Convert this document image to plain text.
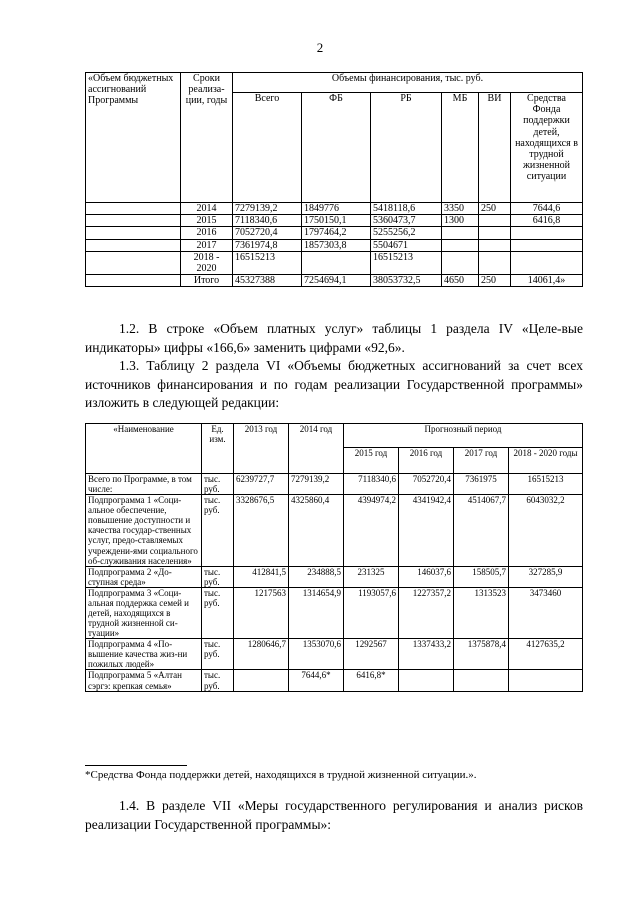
2
«Объем бюджетных ассигнований Программы	Сроки реализа-ции, годы	Объемы финансирования, тыс. руб.					
		Всего	ФБ	РБ	МБ	ВИ	Средства Фонда поддержки детей, находящихся в трудной жизненной ситуации
	2014	7279139,2	1849776	5418118,6	3350	250	7644,6
	2015	7118340,6	1750150,1	5360473,7	1300		6416,8
	2016	7052720,4	1797464,2	5255256,2			
	2017	7361974,8	1857303,8	5504671			
	2018 - 2020	16515213		16515213			
	Итого	45327388	7254694,1	38053732,5	4650	250	14061,4»

1.2. В строке «Объем платных услуг» таблицы 1 раздела IV «Целе-вые индикаторы» цифры «166,6» заменить цифрами «92,6».

1.3. Таблицу 2 раздела VI «Объемы бюджетных ассигнований за счет всех источников финансирования и по годам реализации Государственной программы» изложить в следующей редакции:

«Наименование	Ед. изм.	2013 год	2014 год	Прогнозный период			
				2015 год	2016 год	2017 год	2018 - 2020 годы
Всего по Программе, в том числе:	тыс. руб.	6239727,7	7279139,2	7118340,6	7052720,4	7361975	16515213
Подпрограмма 1 «Соци-альное обеспечение, повышение доступности и качества государ-ственных услуг, предо-ставляемых учреждени-ями социального об-служивания населения»	тыс. руб.	3328676,5	4325860,4	4394974,2	4341942,4	4514067,7	6043032,2
Подпрограмма 2 «До-ступная среда»	тыс. руб.	412841,5	234888,5	231325	146037,6	158505,7	327285,9
Подпрограмма 3 «Соци-альная поддержка семей и детей, находящихся в трудной жизненной си-туации»	тыс. руб.	1217563	1314654,9	1193057,6	1227357,2	1313523	3473460
Подпрограмма 4 «По-вышение качества жиз-ни пожилых людей»	тыс. руб.	1280646,7	1353070,6	1292567	1337433,2	1375878,4	4127635,2
Подпрограмма 5 «Алтан сэргэ: крепкая семья»	тыс. руб.		7644,6*	6416,8*			
*Средства Фонда поддержки детей, находящихся в трудной жизненной ситуации.».

1.4. В разделе VII «Меры государственного регулирования и анализ рисков реализации Государственной программы»:
